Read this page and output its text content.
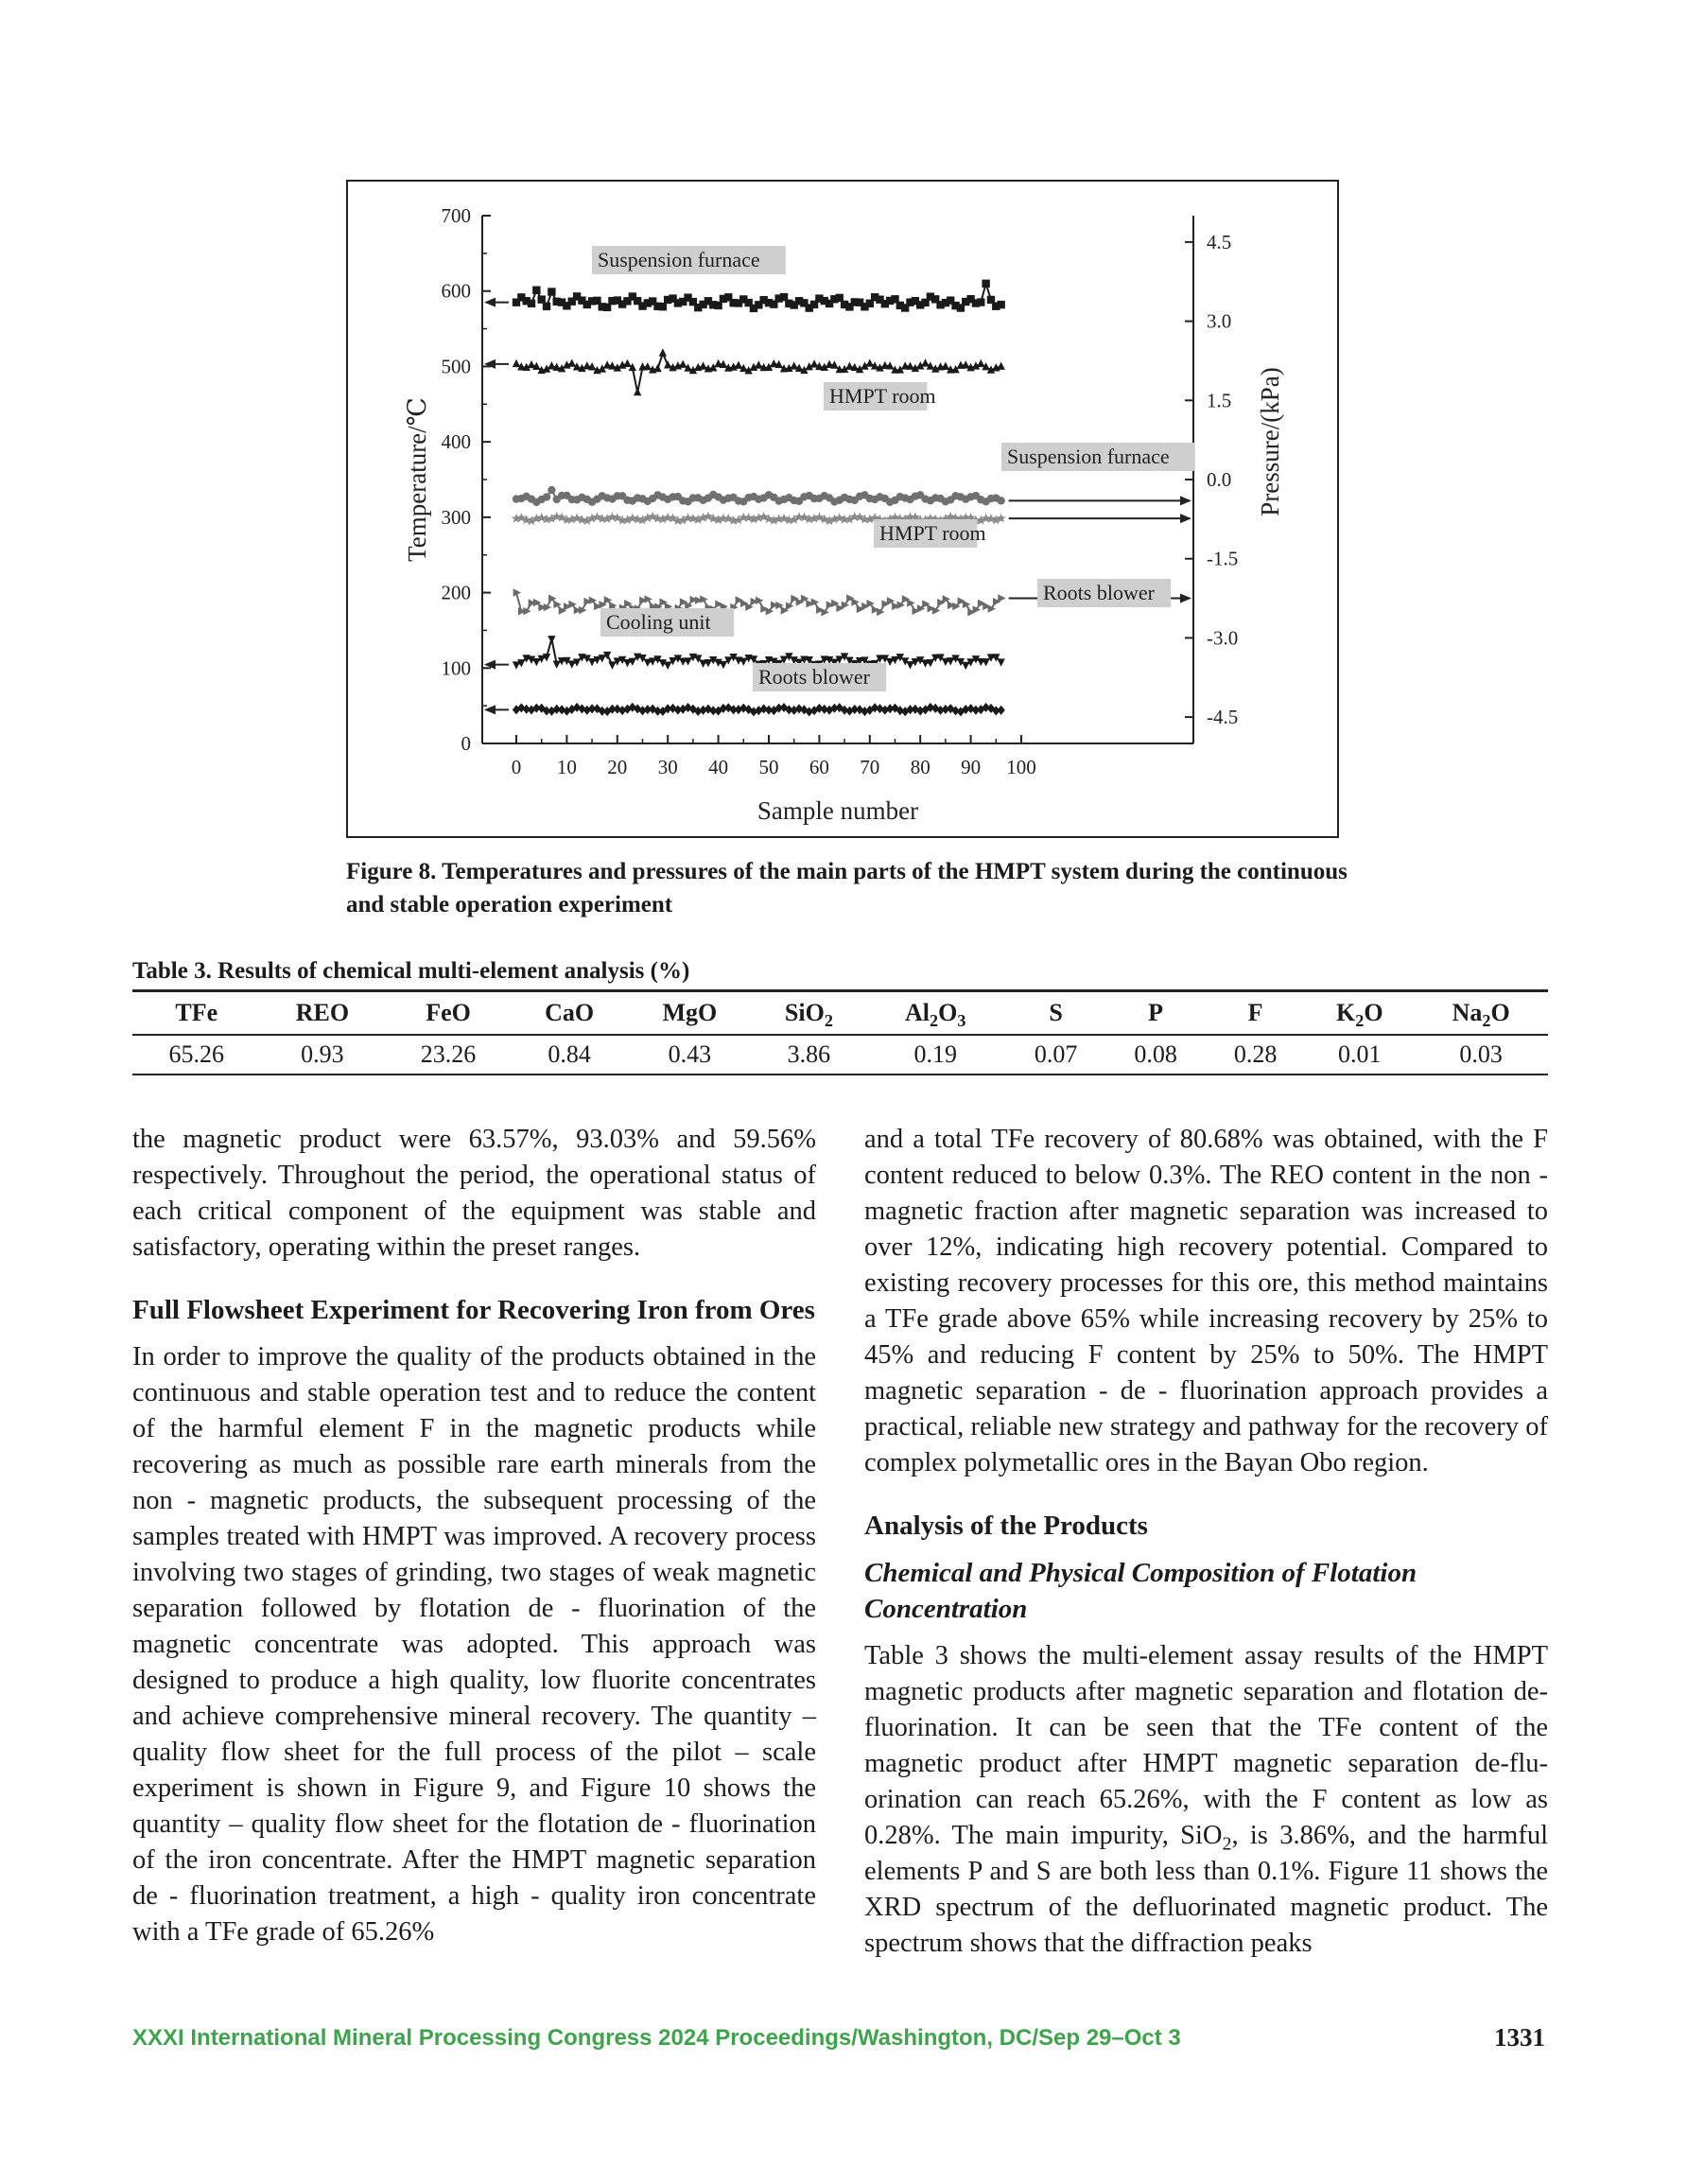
0
100
200
300
400
500
600
700
-4.5
-3.0
-1.5
0.0
1.5
3.0
4.5
0 10 20 30 40 50 60 70 80 90 100
Sample number
Temperature/℃	Pressure/(kPa)
Suspension furnace
HMPT room
Suspension furnace
HMPT room
Roots blower
Cooling unit
Roots blower
Figure 8. Temperatures and pressures of the main parts of the HMPT system during the continuous and stable operation experiment
Table 3. Results of chemical multi-element analysis (%)
TFe	REO	FeO	CaO	MgO	SiO$_2$	$Al_2O_3$	S	P	F	$K_2O$	$Na_2O$
65.26	0.93	23.26	0.84	0.43	3.86	0.19	0.07	0.08	0.28	0.01	0.03

the magnetic product were 63.57%, 93.03% and 59.56% respectively. Throughout the period, the operational status of each critical component of the equipment was stable and satisfactory, operating within the preset ranges.

Full Flowsheet Experiment for Recovering Iron from Ores

In order to improve the quality of the products obtained in the continuous and stable operation test and to reduce the content of the harmful element F in the magnetic products while recovering as much as possible rare earth minerals from the non - magnetic products, the subsequent processing of the samples treated with HMPT was improved. A recovery process involving two stages of grinding, two stages of weak magnetic separation followed by flotation de - fluorination of the magnetic concentrate was adopted. This approach was designed to produce a high quality, low fluorite concentrates and achieve comprehensive mineral recovery. The quantity – quality flow sheet for the full process of the pilot – scale experiment is shown in Figure 9, and Figure 10 shows the quantity – quality flow sheet for the flotation de - fluorination of the iron concentrate. After the HMPT magnetic separation de - fluorination treatment, a high - quality iron concentrate with a TFe grade of 65.26%

and a total TFe recovery of 80.68% was obtained, with the F content reduced to below 0.3%. The REO content in the non - magnetic fraction after magnetic separation was increased to over 12%, indicating high recovery potential. Compared to existing recovery processes for this ore, this method maintains a TFe grade above 65% while increasing recovery by 25% to 45% and reducing F content by 25% to 50%. The HMPT magnetic separation - de - fluorination approach provides a practical, reliable new strategy and pathway for the recovery of complex polymetallic ores in the Bayan Obo region.

Analysis of the Products
Chemical and Physical Composition of Flotation Concentration

Table 3 shows the multi-element assay results of the HMPT magnetic products after magnetic separation and flotation de-fluorination. It can be seen that the TFe content of the magnetic product after HMPT magnetic separation de-fluorination can reach 65.26%, with the F content as low as 0.28%. The main impurity, SiO$_2$, is 3.86%, and the harmful elements P and S are both less than 0.1%. Figure 11 shows the XRD spectrum of the defluorinated magnetic product. The spectrum shows that the diffraction peaks

XXXI International Mineral Processing Congress 2024 Proceedings/Washington, DC/Sep 29–Oct 3	1331
